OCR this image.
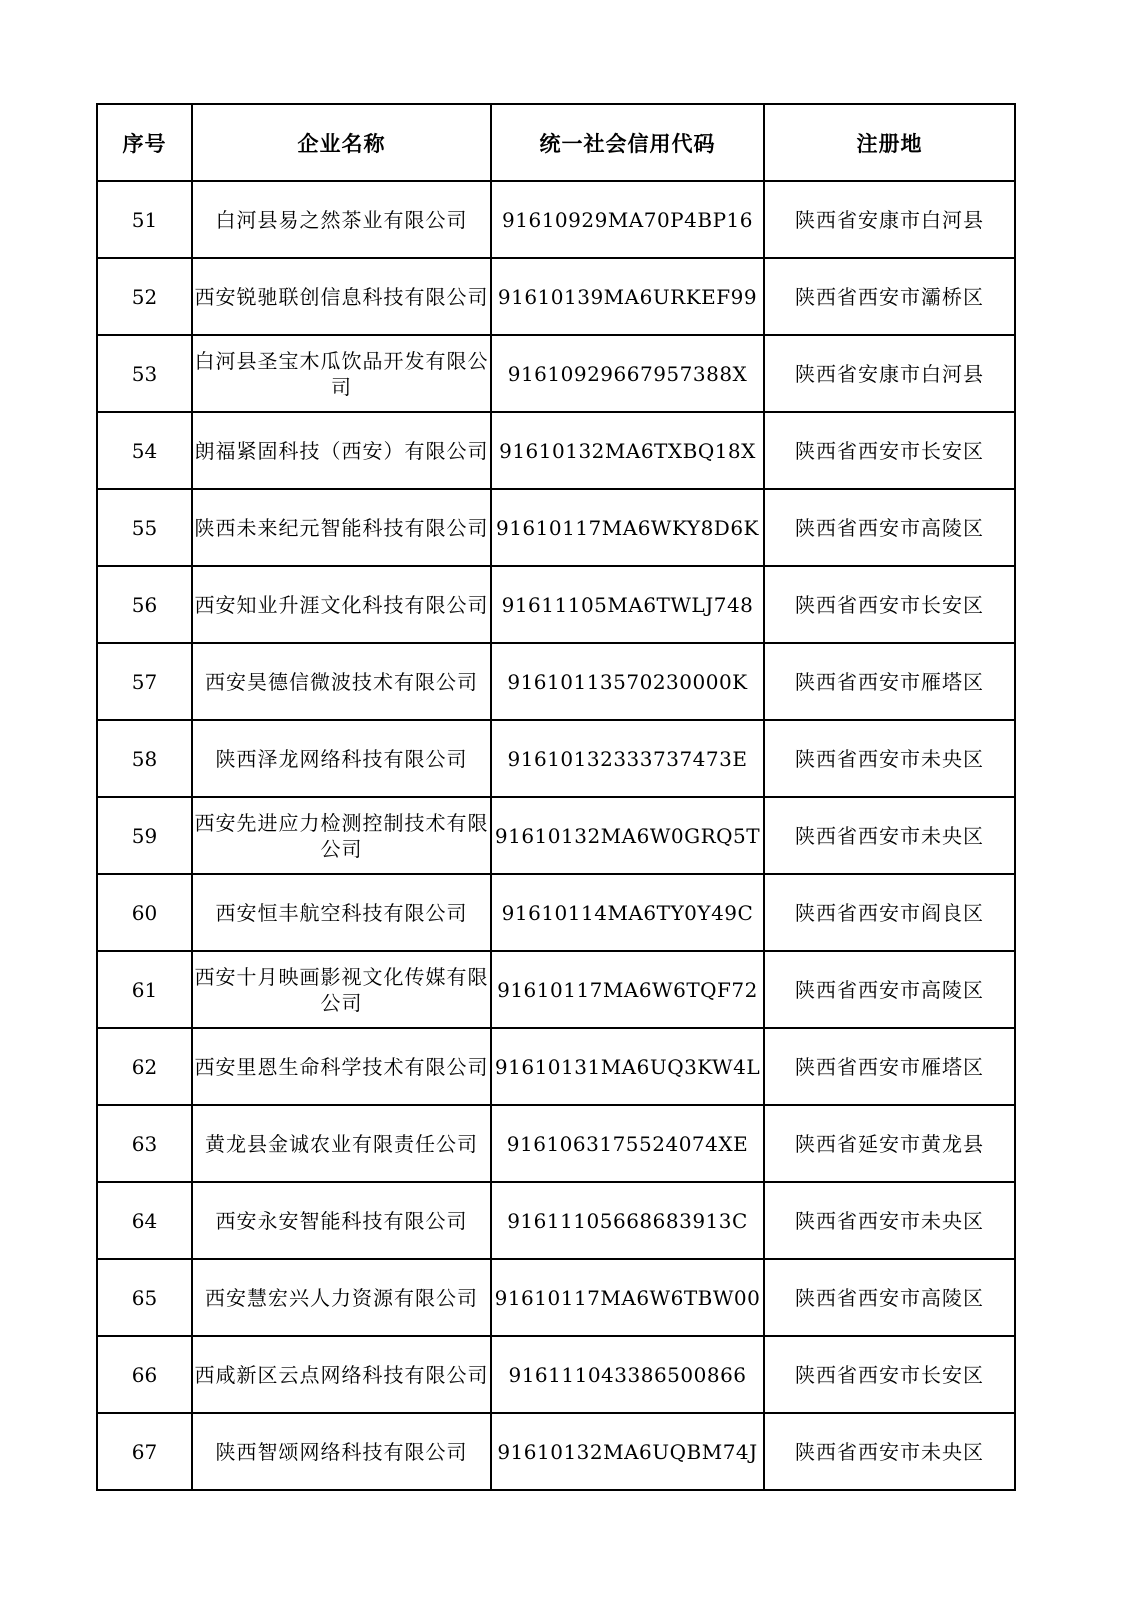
序号	企业名称	统一社会信用代码	注册地
51	白河县易之然茶业有限公司	91610929MA70P4BP16	陕西省安康市白河县
52	西安锐驰联创信息科技有限公司	91610139MA6URKEF99	陕西省西安市灞桥区
53	白河县圣宝木瓜饮品开发有限公司	91610929667957388X	陕西省安康市白河县
54	朗福紧固科技（西安）有限公司	91610132MA6TXBQ18X	陕西省西安市长安区
55	陕西未来纪元智能科技有限公司	91610117MA6WKY8D6K	陕西省西安市高陵区
56	西安知业升涯文化科技有限公司	91611105MA6TWLJ748	陕西省西安市长安区
57	西安昊德信微波技术有限公司	91610113570230000K	陕西省西安市雁塔区
58	陕西泽龙网络科技有限公司	91610132333737473E	陕西省西安市未央区
59	西安先进应力检测控制技术有限公司	91610132MA6W0GRQ5T	陕西省西安市未央区
60	西安恒丰航空科技有限公司	91610114MA6TY0Y49C	陕西省西安市阎良区
61	西安十月映画影视文化传媒有限公司	91610117MA6W6TQF72	陕西省西安市高陵区
62	西安里恩生命科学技术有限公司	91610131MA6UQ3KW4L	陕西省西安市雁塔区
63	黄龙县金诚农业有限责任公司	9161063175524074XE	陕西省延安市黄龙县
64	西安永安智能科技有限公司	91611105668683913C	陕西省西安市未央区
65	西安慧宏兴人力资源有限公司	91610117MA6W6TBW00	陕西省西安市高陵区
66	西咸新区云点网络科技有限公司	916111043386500866	陕西省西安市长安区
67	陕西智颂网络科技有限公司	91610132MA6UQBM74J	陕西省西安市未央区
